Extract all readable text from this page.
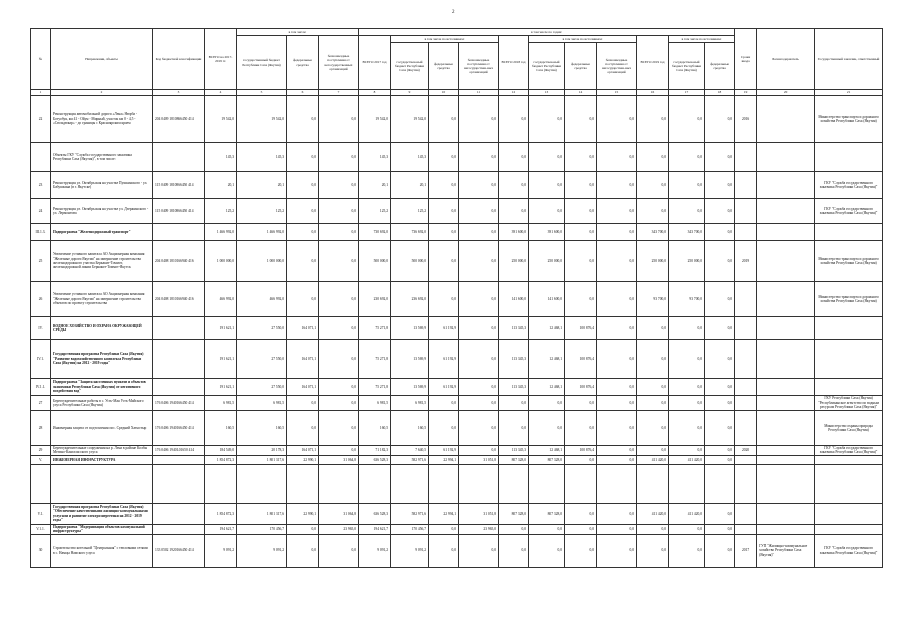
2
№	Направления, объекты	Код бюджетной классификации	ВСЕГО на 2017-2019 гг.	в том числе:			в том числе по годам:											Сроки ввода	Балансодержатель	Государственный заказчик, ответственный
				государственный бюджет Республики Саха (Якутия)	федеральные средства	безвозмездные поступления от негосударственных организаций	ВСЕГО 2017 год	в том числе по источникам:			ВСЕГО 2018 год	в том числе по источникам:			ВСЕГО 2019 год	в том числе по источникам:				
								государствен-ный бюджет Республики Саха (Якутия)	федеральные средства	безвозмездные поступления от негосударствен-ных организаций		государствен-ный бюджет Республики Саха (Якутия)	федеральные средства	безвозмездные поступления от негосударствен-ных организаций		государствен-ный бюджет Республики Саха (Якутия)	федеральные средства			
1	2	3	4	5	6	7	8	9	10	11	12	13	14	15	16	17	18	19	20	21
22	Реконструкция автомобильной дороги «Лена» Нюрба - Ботуобуя, км 41 - Ойун - Мирный, участок км 0 - 4,5 - «Сюльдюкар» - до границы с Красноярским краем	204 0409 1810866450 414	19 542,0	19 542,0	0,0	0,0	19 542,0	19 542,0	0,0	0,0	0,0	0,0	0,0	0,0	0,0	0,0	0,0	2016		Министерство транспорта и дорожного хозяйства Республики Саха (Якутия)
	Объекты ГКУ "Служба государственного заказчика Республики Саха (Якутия)", в том числе:		145,3	145,3	0,0	0,0	145,3	145,3	0,0	0,0	0,0	0,0	0,0	0,0	0,0	0,0	0,0			
23	Реконструкция ул. Октябрьская на участке Пушкинского - ул. Бабушкина (в г. Якутске)	115 0409 1810866450 414	20,1	20,1	0,0	0,0	20,1	20,1	0,0	0,0	0,0	0,0	0,0	0,0	0,0	0,0	0,0			ГКУ "Служба государственного заказчика Республики Саха (Якутия)"
24	Реконструкция ул. Октябрьская на участке ул. Дзержинского - ул. Лермонтова	115 0409 1810866450 414	125,2	125,2	0,0	0,0	125,2	125,2	0,0	0,0	0,0	0,0	0,0	0,0	0,0	0,0	0,0			ГКУ "Служба государственного заказчика Республики Саха (Якутия)"
III.1.3.	Подпрограмма "Железнодорожный транспорт"		1 466 992,0	1 466 992,0	0,0	0,0	730 692,0	736 692,0	0,0	0,0	391 600,0	391 600,0	0,0	0,0	343 700,0	343 700,0	0,0			
25	Увеличение уставного капитала АО Акционерная компания "Железные дороги Якутии" на завершение строительства железнодорожного участка Беркакит-Томмот, железнодорожной линии Беркакит-Томмот-Якутск	204 0408 1810166940 416	1 000 000,0	1 000 000,0	0,0	0,0	500 000,0	500 000,0	0,0	0,0	250 000,0	250 000,0	0,0	0,0	250 000,0	250 000,0	0,0	2019		Министерство транспорта и дорожного хозяйства Республики Саха (Якутия)
26	Увеличение уставного капитала АО Акционерная компания "Железные дороги Якутии" на завершение строительства объектов по проекту строительства	204 0408 1810166940 416	466 992,0	466 992,0	0,0	0,0	230 692,0	236 692,0	0,0	0,0	141 600,0	141 600,0	0,0	0,0	93 700,0	93 700,0	0,0			Министерство транспорта и дорожного хозяйства Республики Саха (Якутия)
IV.	ВОДНОЕ ХОЗЯЙСТВО И ОХРАНА ОКРУЖАЮЩЕЙ СРЕДЫ		191 621,1	27 550,0	164 071,1	0,0	75 271,8	13 569,9	61 192,9	0,0	113 345,3	12 468,1	100 876,4	0,0	0,0	0,0	0,0			
IV.1.	Государственная программа Республики Саха (Якутия) "Развитие водохозяйственного комплекса Республики Саха (Якутия) на 2012 - 2019 годы"		191 621,1	27 550,0	164 071,1	0,0	75 271,8	13 569,9	61 192,9	0,0	113 345,3	12 468,1	100 876,4	0,0	0,0	0,0	0,0			
IV.1.1.	Подпрограмма "Защита населенных пунктов и объектов экономики Республики Саха (Якутия) от негативного воздействия вод"		191 621,1	27 550,0	164 071,1	0,0	75 271,8	13 569,9	61 192,9	0,0	113 345,3	12 468,1	100 876,4	0,0	0,0	0,0	0,0			
27	Берегоукрепительные работы в с. Усть-Мая Усть-Майского улуса Республики Саха (Якутия)	176 0406 1940166450 414	6 981,5	6 981,5	0,0	0,0	6 981,5	6 981,5	0,0	0,0	0,0	0,0	0,0	0,0	0,0	0,0	0,0			ГКУ Республики Саха (Якутия) "Республиканское агентство по водным ресурсам Республики Саха (Якутия)"
28	Инженерная защита от подтопления пос. Средний Хатыстыр	176 0406 1940166450 414	160,5	160,5	0,0	0,0	160,5	160,5	0,0	0,0	0,0	0,0	0,0	0,0	0,0	0,0	0,0			Министерство охраны природы Республики Саха (Якутия)
29	Берегоукрепительные сооружения на р. Лена в районе Колбы Мегино-Кангаласского улуса	176 0406 1940L01650 414	184 549,0	20 178,3	164 071,1	0,0	71 182,3	7 640,5	61 192,9	0,0	113 345,3	12 468,1	100 876,4	0,0	0,0	0,0	0,0	2020		ГКУ "Служба государственного заказчика Республики Саха (Якутия)"
V.	ИНЖЕНЕРНАЯ ИНФРАСТРУКТУРА		1 854 872,3	1 801 317,6	22 990,1	31 064,8	636 528,3	582 971,6	22 994,1	31 051,8	807 328,0	807 328,0	0,0	0,0	411 420,0	411 420,0	0,0			

V.1.	Государственная программа Республики Саха (Якутия) "Обеспечение качественными жилищно-коммунальными услугами и развитие электроэнергетики на 2012 - 2019 годы"		1 854 872,3	1 801 317,6	22 990,1	31 064,8	636 528,3	582 971,6	22 994,1	31 051,8	807 328,0	807 328,0	0,0	0,0	411 420,0	411 420,0	0,0			
V.1.1.	Подпрограмма "Модернизация объектов коммунальной инфраструктуры"		194 621,7	170 456,7	0,0	23 965,0	194 621,7	170 456,7	0,0	23 965,0	0,0	0,0	0,0	0,0	0,0	0,0	0,0			
30	Строительство котельной "Центральная" с тепловыми сетями в с. Намцы Намского улуса	133 0502 1920166450 414	9 091,2	9 091,2	0,0	0,0	9 091,2	9 091,2	0,0	0,0	0,0	0,0	0,0	0,0	0,0	0,0	0,0	2017	ГУП "Жилищно-коммунальное хозяйство Республики Саха (Якутия)"	ГКУ "Служба государственного заказчика Республики Саха (Якутия)"
